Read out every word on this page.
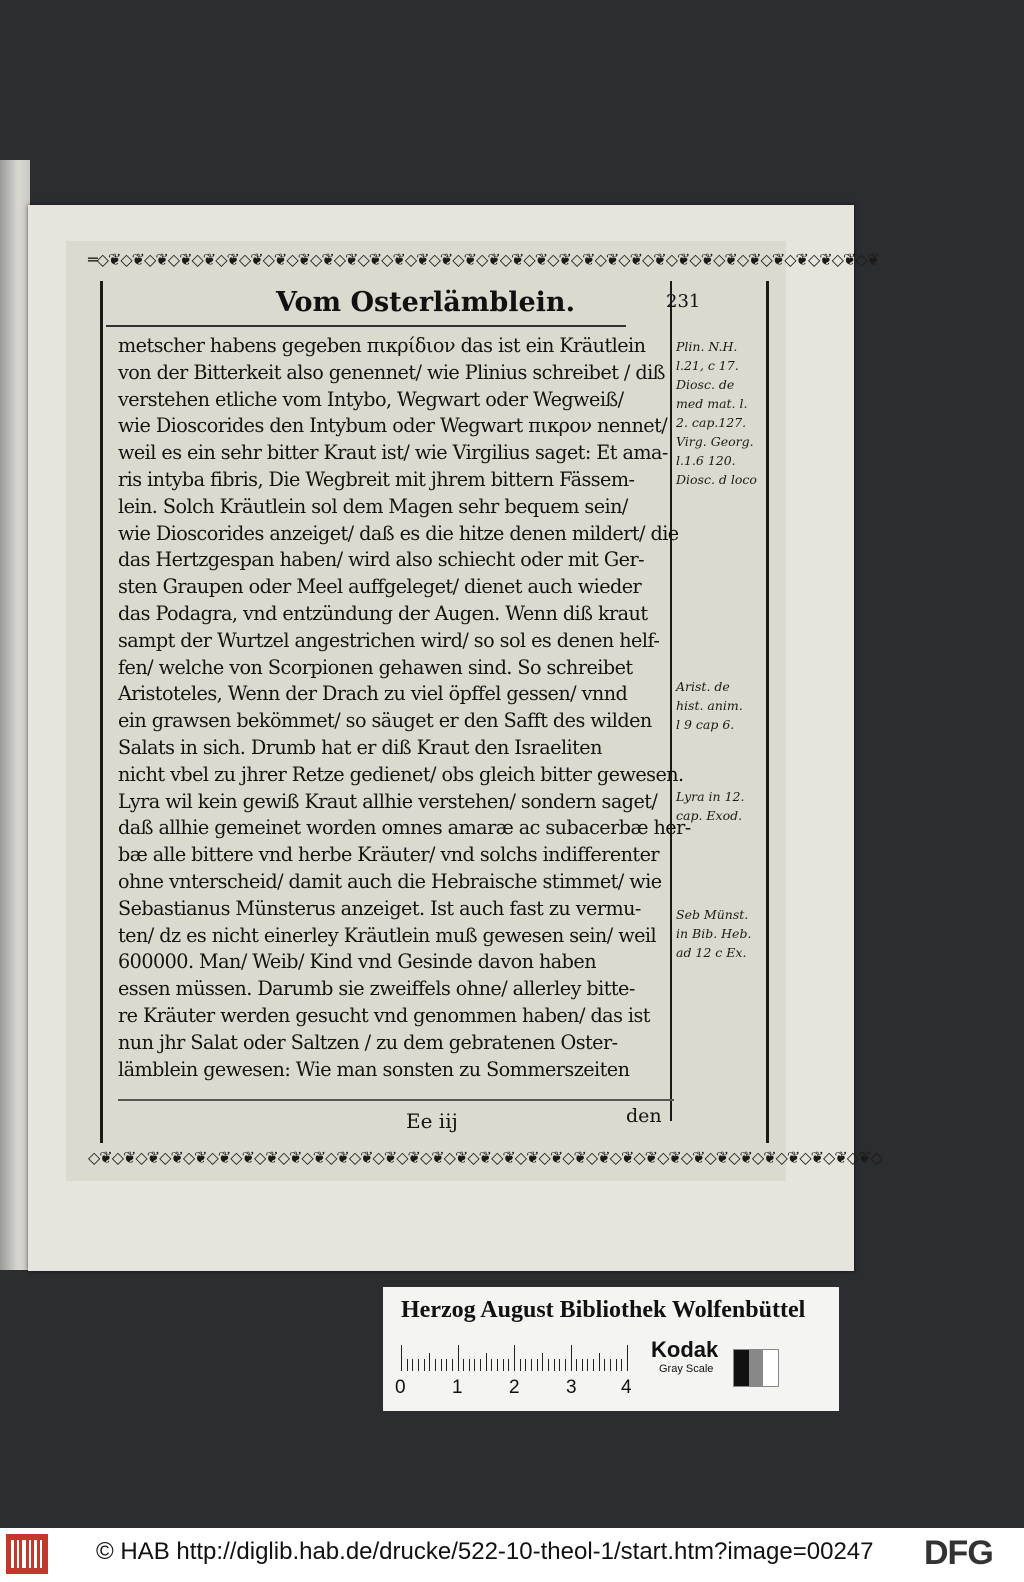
═◇❦◇❦◇❦◇❦◇❦◇❦◇❦◇❦◇❦◇❦◇❦◇❦◇❦◇❦◇❦◇❦◇❦◇❦◇❦◇❦◇❦◇❦◇❦◇❦◇❦◇❦◇❦◇❦◇❦◇❦◇❦◇❦◇❦
Vom Osterlämblein.	231
metscher habens gegeben πικρίδιον das ist ein Kräutlein
von der Bitterkeit also genennet/ wie Plinius schreibet / diß
verstehen etliche vom Intybo, Wegwart oder Wegweiß/
wie Dioscorides den Intybum oder Wegwart πικρον nennet/
weil es ein sehr bitter Kraut ist/ wie Virgilius saget: Et ama-
ris intyba fibris, Die Wegbreit mit jhrem bittern Fässem-
lein. Solch Kräutlein sol dem Magen sehr bequem sein/
wie Dioscorides anzeiget/ daß es die hitze denen mildert/ die
das Hertzgespan haben/ wird also schiecht oder mit Ger-
sten Graupen oder Meel auffgeleget/ dienet auch wieder
das Podagra, vnd entzündung der Augen. Wenn diß kraut
sampt der Wurtzel angestrichen wird/ so sol es denen helf-
fen/ welche von Scorpionen gehawen sind. So schreibet
Aristoteles, Wenn der Drach zu viel öpffel gessen/ vnnd
ein grawsen bekömmet/ so säuget er den Safft des wilden
Salats in sich. Drumb hat er diß Kraut den Israeliten
nicht vbel zu jhrer Retze gedienet/ obs gleich bitter gewesen.
Lyra wil kein gewiß Kraut allhie verstehen/ sondern saget/
daß allhie gemeinet worden omnes amaræ ac subacerbæ her-
bæ alle bittere vnd herbe Kräuter/ vnd solchs indifferenter
ohne vnterscheid/ damit auch die Hebraische stimmet/ wie
Sebastianus Münsterus anzeiget. Ist auch fast zu vermu-
ten/ dz es nicht einerley Kräutlein muß gewesen sein/ weil
600000. Man/ Weib/ Kind vnd Gesinde davon haben
essen müssen. Darumb sie zweiffels ohne/ allerley bitte-
re Kräuter werden gesucht vnd genommen haben/ das ist
nun jhr Salat oder Saltzen / zu dem gebratenen Oster-
lämblein gewesen: Wie man sonsten zu Sommerszeiten
Plin. N.H.
l.21, c 17.
Diosc. de
med mat. l.
2. cap.127.
Virg. Georg.
l.1.6 120.
Diosc. d loco
Arist. de
hist. anim.
l 9 cap 6.
Lyra in 12.
cap. Exod.
Seb Münst.
in Bib. Heb.
ad 12 c Ex.
Ee iij	den
◇❦◇❦◇❦◇❦◇❦◇❦◇❦◇❦◇❦◇❦◇❦◇❦◇❦◇❦◇❦◇❦◇❦◇❦◇❦◇❦◇❦◇❦◇❦◇❦◇❦◇❦◇❦◇❦◇❦◇❦◇❦◇❦◇❦◇
Herzog August Bibliothek Wolfenbüttel
0 1 2 3 4
Kodak
Gray Scale
© HAB http://diglib.hab.de/drucke/522-10-theol-1/start.htm?image=00247 DFG
